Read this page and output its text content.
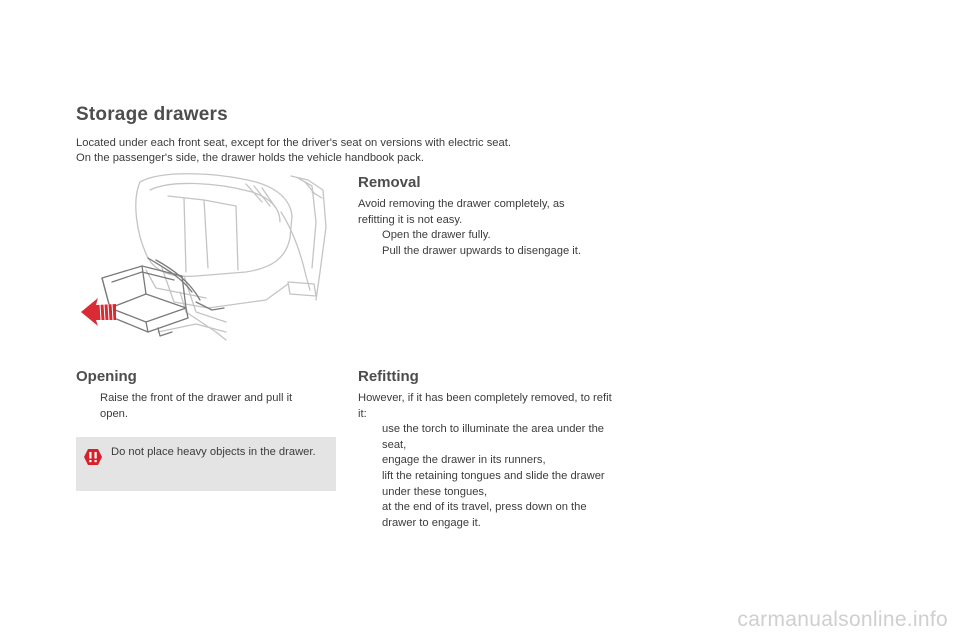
Storage drawers
Located under each front seat, except for the driver's seat on versions with electric seat.
On the passenger's side, the drawer holds the vehicle handbook pack.
Removal
Avoid removing the drawer completely, as refitting it is not easy.
Open the drawer fully.
Pull the drawer upwards to disengage it.
Opening
Raise the front of the drawer and pull it open.
Do not place heavy objects in the drawer.
Refitting
However, if it has been completely removed, to refit it:
use the torch to illuminate the area under the seat,
engage the drawer in its runners,
lift the retaining tongues and slide the drawer under these tongues,
at the end of its travel, press down on the drawer to engage it.
carmanualsonline.info
